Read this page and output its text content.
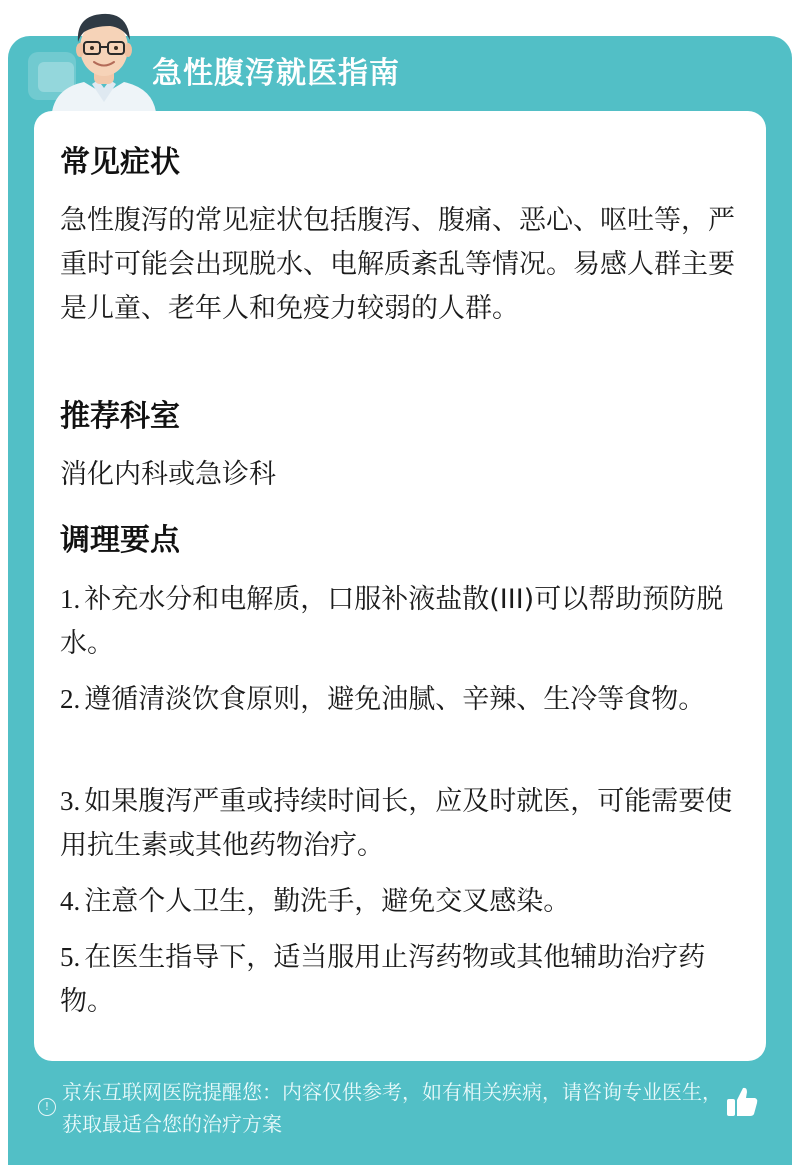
急性腹泻就医指南
常见症状
急性腹泻的常见症状包括腹泻、腹痛、恶心、呕吐等，严重时可能会出现脱水、电解质紊乱等情况。易感人群主要是儿童、老年人和免疫力较弱的人群。
推荐科室
消化内科或急诊科
调理要点
1. 补充水分和电解质，口服补液盐散(III)可以帮助预防脱水。
2. 遵循清淡饮食原则，避免油腻、辛辣、生冷等食物。
3. 如果腹泻严重或持续时间长，应及时就医，可能需要使用抗生素或其他药物治疗。
4. 注意个人卫生，勤洗手，避免交叉感染。
5. 在医生指导下，适当服用止泻药物或其他辅助治疗药物。
!
京东互联网医院提醒您：内容仅供参考，如有相关疾病，请咨询专业医生，获取最适合您的治疗方案
